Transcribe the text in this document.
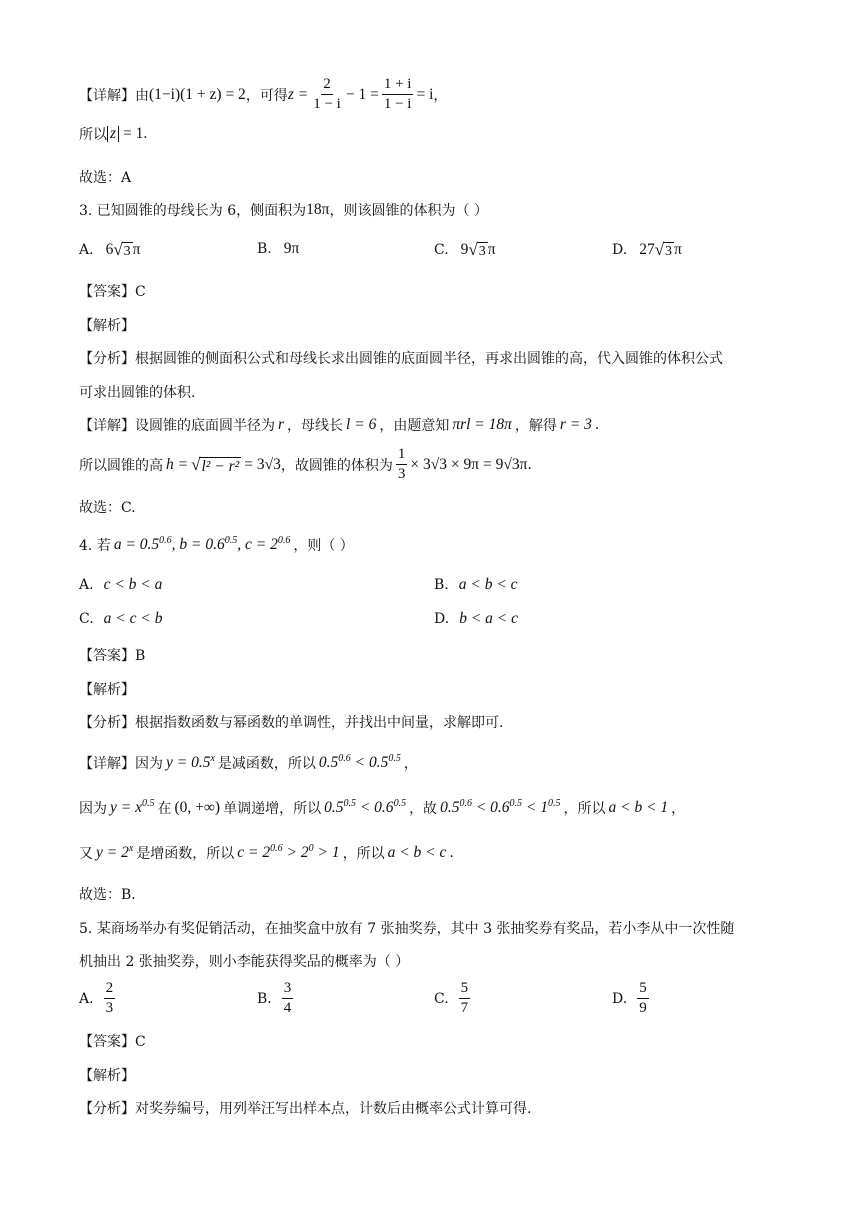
【详解】由 (1−i)(1 + z) = 2 ，可得 $z = \frac{2}{1 - i} - 1 = \frac{1 + i}{1 - i} = i$ ，
所以 z = 1.
故选：A
3. 已知圆锥的母线长为 6，侧面积为 18π ，则该圆锥的体积为（ ）
A. 6 √ 3 π	B. 9π	C. 9 √ 3 π	D. 27 √ 3 π
【答案】C
【解析】
【分析】根据圆锥的侧面积公式和母线长求出圆锥的底面圆半径，再求出圆锥的高，代入圆锥的体积公式
可求出圆锥的体积.
【详解】设圆锥的底面圆半径为 r ，母线长 l = 6 ，由题意知 πrl = 18π ，解得 r = 3 .
所以圆锥的高 h = √ l² − r² = 3√3 ，故圆锥的体积为 $\frac{1}{3} \times 3√3 \times 9\pi = 9√3\pi$ .
故选：C.
4. 若 $a = 0.5^{0.6}$, $b = 0.6^{0.5}$, $c = 2^{0.6}$ ，则（ ）
A. c < b < a	B. a < b < c
C. a < c < b	D. b < a < c
【答案】B
【解析】
【分析】根据指数函数与幂函数的单调性，并找出中间量，求解即可.
【详解】因为 $y = 0.5^x$ 是减函数，所以 $0.5^{0.6} < 0.5^{0.5}$ ，
因为 $y = x^{0.5}$ 在 (0, +∞) 单调递增，所以 $0.5^{0.5} < 0.6^{0.5}$ ，故 $0.5^{0.6} < 0.6^{0.5} < 1^{0.5}$ ，所以 a < b < 1 ，
又 $y = 2^x$ 是增函数，所以 $c = 2^{0.6} > 2^0 > 1$ ，所以 a < b < c .
故选：B.
5. 某商场举办有奖促销活动，在抽奖盒中放有 7 张抽奖券，其中 3 张抽奖券有奖品，若小李从中一次性随
机抽出 2 张抽奖券，则小李能获得奖品的概率为（ ）
A. $\frac{2}{3}$	B. $\frac{3}{4}$	C. $\frac{5}{7}$	D. $\frac{5}{9}$
【答案】C
【解析】
【分析】对奖券编号，用列举汪写出样本点，计数后由概率公式计算可得.
